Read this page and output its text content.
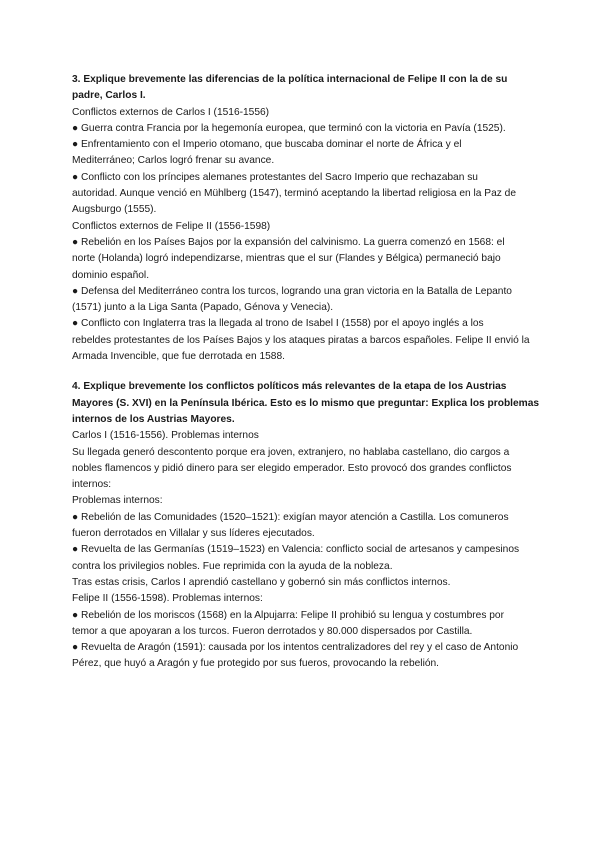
3. Explique brevemente las diferencias de la política internacional de Felipe II con la de su
padre, Carlos I.
Conflictos externos de Carlos I (1516-1556)
● Guerra contra Francia por la hegemonía europea, que terminó con la victoria en Pavía (1525).
● Enfrentamiento con el Imperio otomano, que buscaba dominar el norte de África y el
Mediterráneo; Carlos logró frenar su avance.
● Conflicto con los príncipes alemanes protestantes del Sacro Imperio que rechazaban su
autoridad. Aunque venció en Mühlberg (1547), terminó aceptando la libertad religiosa en la Paz de
Augsburgo (1555).
Conflictos externos de Felipe II (1556-1598)
● Rebelión en los Países Bajos por la expansión del calvinismo. La guerra comenzó en 1568: el
norte (Holanda) logró independizarse, mientras que el sur (Flandes y Bélgica) permaneció bajo
dominio español.
● Defensa del Mediterráneo contra los turcos, logrando una gran victoria en la Batalla de Lepanto
(1571) junto a la Liga Santa (Papado, Génova y Venecia).
● Conflicto con Inglaterra tras la llegada al trono de Isabel I (1558) por el apoyo inglés a los
rebeldes protestantes de los Países Bajos y los ataques piratas a barcos españoles. Felipe II envió la
Armada Invencible, que fue derrotada en 1588.
4. Explique brevemente los conflictos políticos más relevantes de la etapa de los Austrias
Mayores (S. XVI) en la Península Ibérica. Esto es lo mismo que preguntar: Explica los problemas
internos de los Austrias Mayores.
Carlos I (1516-1556). Problemas internos
Su llegada generó descontento porque era joven, extranjero, no hablaba castellano, dio cargos a
nobles flamencos y pidió dinero para ser elegido emperador. Esto provocó dos grandes conflictos
internos:
Problemas internos:
● Rebelión de las Comunidades (1520–1521): exigían mayor atención a Castilla. Los comuneros
fueron derrotados en Villalar y sus líderes ejecutados.
● Revuelta de las Germanías (1519–1523) en Valencia: conflicto social de artesanos y campesinos
contra los privilegios nobles. Fue reprimida con la ayuda de la nobleza.
Tras estas crisis, Carlos I aprendió castellano y gobernó sin más conflictos internos.
Felipe II (1556-1598). Problemas internos:
● Rebelión de los moriscos (1568) en la Alpujarra: Felipe II prohibió su lengua y costumbres por
temor a que apoyaran a los turcos. Fueron derrotados y 80.000 dispersados por Castilla.
● Revuelta de Aragón (1591): causada por los intentos centralizadores del rey y el caso de Antonio
Pérez, que huyó a Aragón y fue protegido por sus fueros, provocando la rebelión.
